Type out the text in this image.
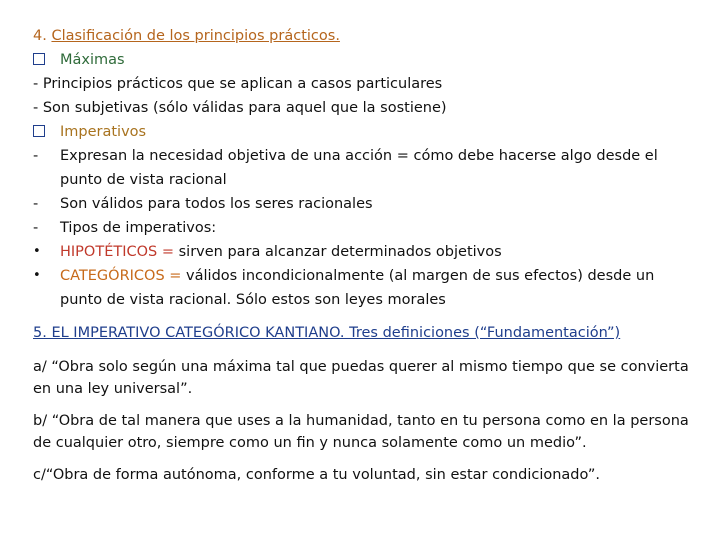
4. Clasificación de los principios prácticos.
Máximas
- Principios prácticos que se aplican a casos particulares
- Son subjetivas (sólo válidas para aquel que la sostiene)
Imperativos
-	Expresan la necesidad objetiva de una acción = cómo debe hacerse algo desde el punto de vista racional
-	Son válidos para todos los seres racionales
-	Tipos de imperativos:
• HIPOTÉTICOS = sirven para alcanzar determinados objetivos
• CATEGÓRICOS = válidos incondicionalmente (al margen de sus efectos) desde un punto de vista racional. Sólo estos son leyes morales
5. EL IMPERATIVO CATEGÓRICO KANTIANO. Tres definiciones (“Fundamentación”)
a/ “Obra solo según una máxima tal que puedas querer al mismo tiempo que se convierta en una ley universal”.
b/ “Obra de tal manera que uses a la humanidad, tanto en tu persona como en la persona de cualquier otro, siempre como un fin y nunca solamente como un medio”.
c/“Obra de forma autónoma, conforme a tu voluntad, sin estar condicionado”.
